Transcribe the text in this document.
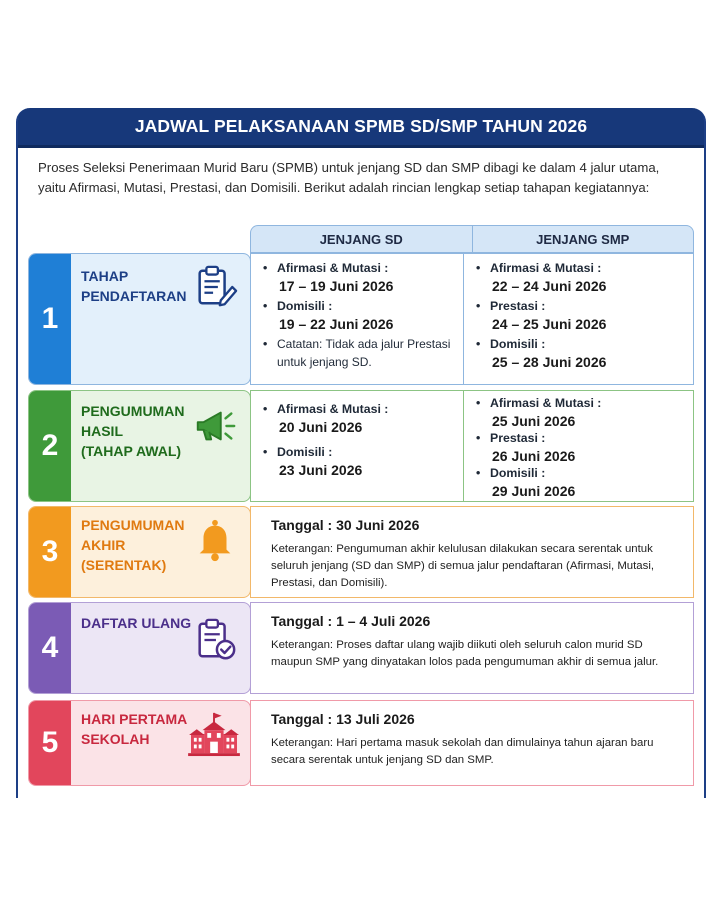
JADWAL PELAKSANAAN SPMB SD/SMP TAHUN 2026

Proses Seleksi Penerimaan Murid Baru (SPMB) untuk jenjang SD dan SMP dibagi ke dalam 4 jalur utama, yaitu Afirmasi, Mutasi, Prestasi, dan Domisili. Berikut adalah rincian lengkap setiap tahapan kegiatannya:

JENJANG SD	JENJANG SMP
1
TAHAP
PENDAFTARAN
• Afirmasi & Mutasi :
17 – 19 Juni 2026
• Domisili :
19 – 22 Juni 2026
• Catatan: Tidak ada jalur Prestasi untuk jenjang SD.
• Afirmasi & Mutasi :
22 – 24 Juni 2026
• Prestasi :
24 – 25 Juni 2026
• Domisili :
25 – 28 Juni 2026
2
PENGUMUMAN
HASIL
(TAHAP AWAL)
• Afirmasi & Mutasi :
20 Juni 2026
• Domisili :
23 Juni 2026
• Afirmasi & Mutasi :
25 Juni 2026
• Prestasi :
26 Juni 2026
• Domisili :
29 Juni 2026
3
PENGUMUMAN
AKHIR
(SERENTAK)
Tanggal : 30 Juni 2026
Keterangan: Pengumuman akhir kelulusan dilakukan secara serentak untuk seluruh jenjang (SD dan SMP) di semua jalur pendaftaran (Afirmasi, Mutasi, Prestasi, dan Domisili).
4
DAFTAR ULANG	Tanggal : 1 – 4 Juli 2026
Keterangan: Proses daftar ulang wajib diikuti oleh seluruh calon murid SD maupun SMP yang dinyatakan lolos pada pengumuman akhir di semua jalur.
5
HARI PERTAMA
SEKOLAH
Tanggal : 13 Juli 2026
Keterangan: Hari pertama masuk sekolah dan dimulainya tahun ajaran baru secara serentak untuk jenjang SD dan SMP.
